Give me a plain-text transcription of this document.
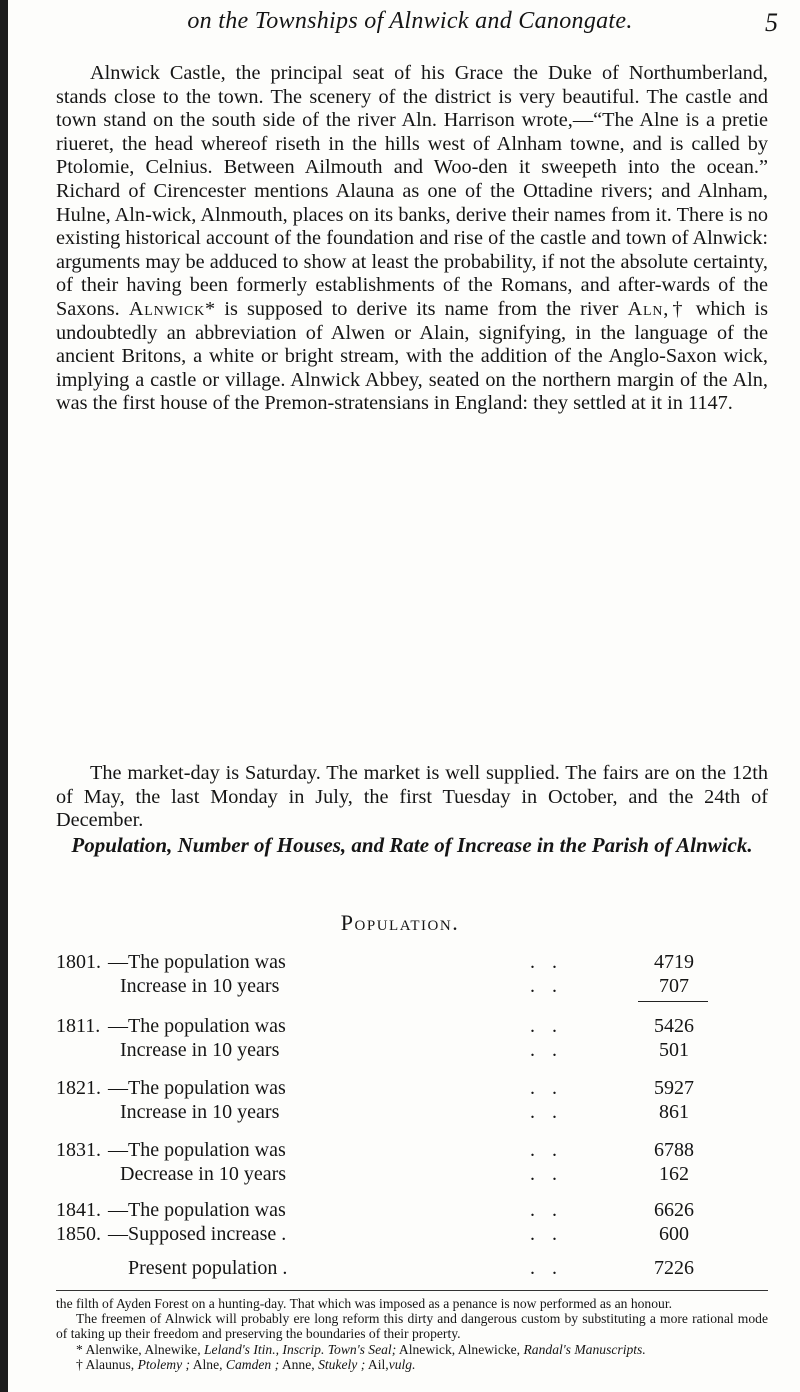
on the Townships of Alnwick and Canongate.	5

Alnwick Castle, the principal seat of his Grace the Duke of Northumberland, stands close to the town. The scenery of the district is very beautiful. The castle and town stand on the south side of the river Aln. Harrison wrote,—“The Alne is a pretie riueret, the head whereof riseth in the hills west of Alnham towne, and is called by Ptolomie, Celnius. Between Ailmouth and Woo-den it sweepeth into the ocean.” Richard of Cirencester mentions Alauna as one of the Ottadine rivers; and Alnham, Hulne, Aln-wick, Alnmouth, places on its banks, derive their names from it. There is no existing historical account of the foundation and rise of the castle and town of Alnwick: arguments may be adduced to show at least the probability, if not the absolute certainty, of their having been formerly establishments of the Romans, and after-wards of the Saxons. Alnwick* is supposed to derive its name from the river Aln,† which is undoubtedly an abbreviation of Alwen or Alain, signifying, in the language of the ancient Britons, a white or bright stream, with the addition of the Anglo-Saxon wick, implying a castle or village. Alnwick Abbey, seated on the northern margin of the Aln, was the first house of the Premon-stratensians in England: they settled at it in 1147.

The market-day is Saturday. The market is well supplied. The fairs are on the 12th of May, the last Monday in July, the first Tuesday in October, and the 24th of December.

Population, Number of Houses, and Rate of Increase in the Parish of Alnwick.

Population.
1801. —The population was	. .	4719
Increase in 10 years	. .	707
1811. —The population was	. .	5426
Increase in 10 years	. .	501
1821. —The population was	. .	5927
Increase in 10 years	. .	861
1831. —The population was	. .	6788
Decrease in 10 years	. .	162
1841. —The population was	. .	6626
1850. —Supposed increase .	. .	600
Present population .	. .	7226

the filth of Ayden Forest on a hunting-day. That which was imposed as a penance is now performed as an honour.

The freemen of Alnwick will probably ere long reform this dirty and dangerous custom by substituting a more rational mode of taking up their freedom and preserving the boundaries of their property.

* Alenwike, Alnewike, Leland's Itin., Inscrip. Town's Seal; Alnewick, Alnewicke, Randal's Manuscripts.

† Alaunus, Ptolemy ; Alne, Camden ; Anne, Stukely ; Ail,vulg.
